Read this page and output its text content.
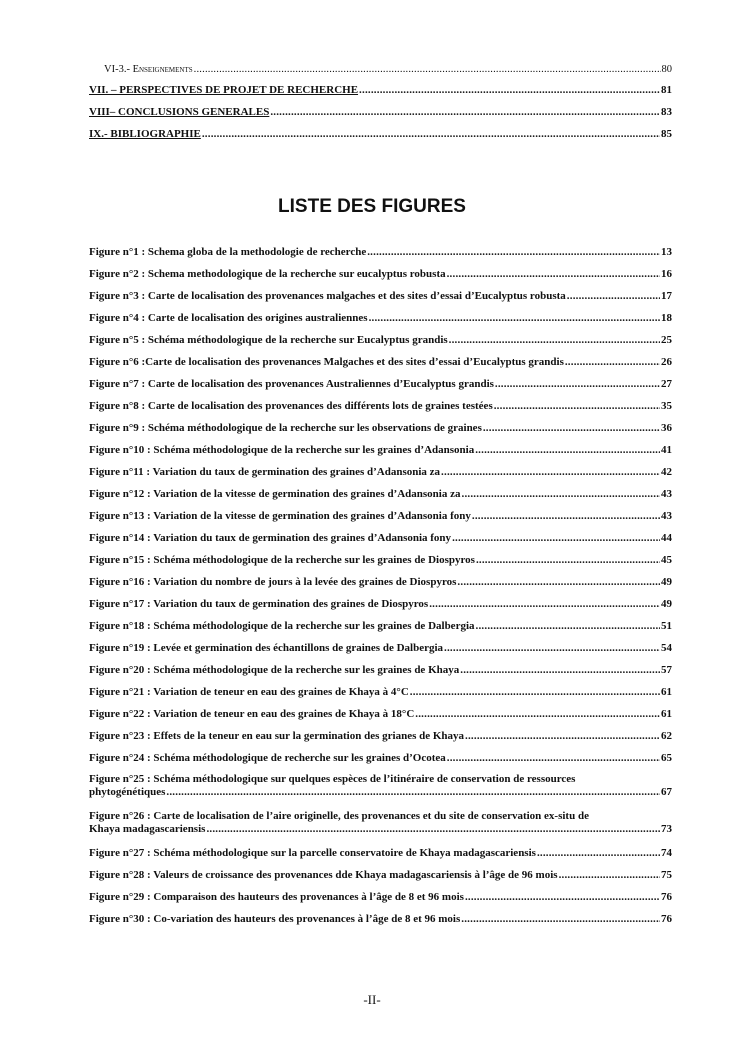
VI-3.- Enseignements .....	80
VII. – PERSPECTIVES DE PROJET DE RECHERCHE .....	81
VIII– CONCLUSIONS GENERALES .....	83
IX.- BIBLIOGRAPHIE .....	85
LISTE DES FIGURES
Figure n°1 : Schema globa de la methodologie de recherche .....	13
Figure n°2 : Schema methodologique de la recherche sur eucalyptus robusta .....	16
Figure n°3 : Carte de localisation des provenances malgaches et des sites d’essai d’Eucalyptus robusta .....	17
Figure n°4 : Carte de localisation des origines australiennes .....	18
Figure n°5 : Schéma méthodologique de la recherche sur Eucalyptus grandis .....	25
Figure n°6 :Carte de localisation des provenances Malgaches et des sites d’essai d’Eucalyptus grandis .....	26
Figure n°7 : Carte de localisation des provenances Australiennes d’Eucalyptus grandis .....	27
Figure n°8 : Carte de localisation des provenances des différents lots de graines testées .....	35
Figure n°9 : Schéma méthodologique de la recherche sur les observations de graines .....	36
Figure n°10 : Schéma méthodologique de la recherche sur les graines d’Adansonia .....	41
Figure n°11 : Variation du taux de germination des graines d’Adansonia za .....	42
Figure n°12 : Variation de la vitesse de germination des graines d’Adansonia za .....	43
Figure n°13 : Variation de la vitesse de germination des graines d’Adansonia fony .....	43
Figure n°14 : Variation du taux de germination des graines d’Adansonia fony .....	44
Figure n°15 : Schéma méthodologique de la recherche sur les graines de Diospyros .....	45
Figure n°16 : Variation du nombre de jours à la levée des graines de Diospyros .....	49
Figure n°17 : Variation du taux de germination des graines de Diospyros .....	49
Figure n°18 : Schéma méthodologique de la recherche sur les graines de Dalbergia .....	51
Figure n°19 : Levée et germination des échantillons de graines de Dalbergia .....	54
Figure n°20 : Schéma méthodologique de la recherche sur les graines de Khaya .....	57
Figure n°21 : Variation de teneur en eau des graines de Khaya à 4°C .....	61
Figure n°22 : Variation de teneur en eau des graines de Khaya à 18°C .....	61
Figure n°23 : Effets de la teneur en eau sur la germination des grianes de Khaya .....	62
Figure n°24 : Schéma méthodologique de recherche sur les graines d’Ocotea .....	65
Figure n°25 : Schéma méthodologique sur quelques espèces de l’itinéraire de conservation de ressources
phytogénétiques .....	67
Figure n°26 : Carte de localisation de l’aire originelle, des provenances et du site de conservation ex-situ de
Khaya madagascariensis .....	73
Figure n°27 : Schéma méthodologique sur la parcelle conservatoire de Khaya madagascariensis .....	74
Figure n°28 : Valeurs de croissance des provenances dde Khaya madagascariensis à l’âge de 96 mois .....	75
Figure n°29 : Comparaison des hauteurs des provenances à l’âge de 8 et 96 mois .....	76
Figure n°30 : Co-variation des hauteurs des provenances à l’âge de 8 et 96 mois .....	76
-II-
